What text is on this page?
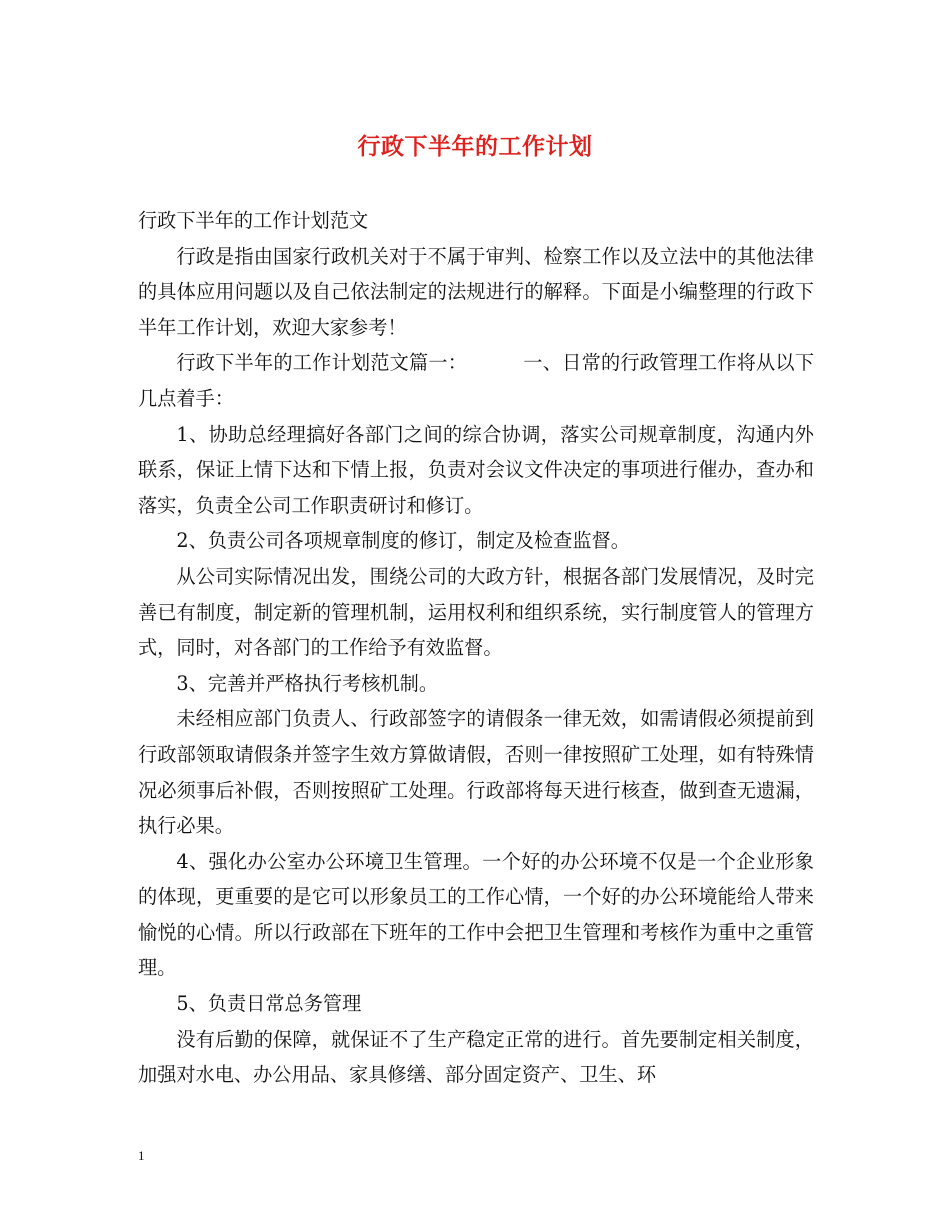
行政下半年的工作计划

行政下半年的工作计划范文

行政是指由国家行政机关对于不属于审判、检察工作以及立法中的其他法律的具体应用问题以及自己依法制定的法规进行的解释。下面是小编整理的行政下半年工作计划，欢迎大家参考！

行政下半年的工作计划范文篇一：	一、日常的行政管理工作将从以下几点着手：

1、协助总经理搞好各部门之间的综合协调，落实公司规章制度，沟通内外联系，保证上情下达和下情上报，负责对会议文件决定的事项进行催办，查办和落实，负责全公司工作职责研讨和修订。

2、负责公司各项规章制度的修订，制定及检查监督。

从公司实际情况出发，围绕公司的大政方针，根据各部门发展情况，及时完善已有制度，制定新的管理机制，运用权利和组织系统，实行制度管人的管理方式，同时，对各部门的工作给予有效监督。

3、完善并严格执行考核机制。

未经相应部门负责人、行政部签字的请假条一律无效，如需请假必须提前到行政部领取请假条并签字生效方算做请假，否则一律按照矿工处理，如有特殊情况必须事后补假，否则按照矿工处理。行政部将每天进行核查，做到查无遗漏，执行必果。

4、强化办公室办公环境卫生管理。一个好的办公环境不仅是一个企业形象的体现，更重要的是它可以形象员工的工作心情，一个好的办公环境能给人带来愉悦的心情。所以行政部在下班年的工作中会把卫生管理和考核作为重中之重管理。

5、负责日常总务管理

没有后勤的保障，就保证不了生产稳定正常的进行。首先要制定相关制度，加强对水电、办公用品、家具修缮、部分固定资产、卫生、环

1
